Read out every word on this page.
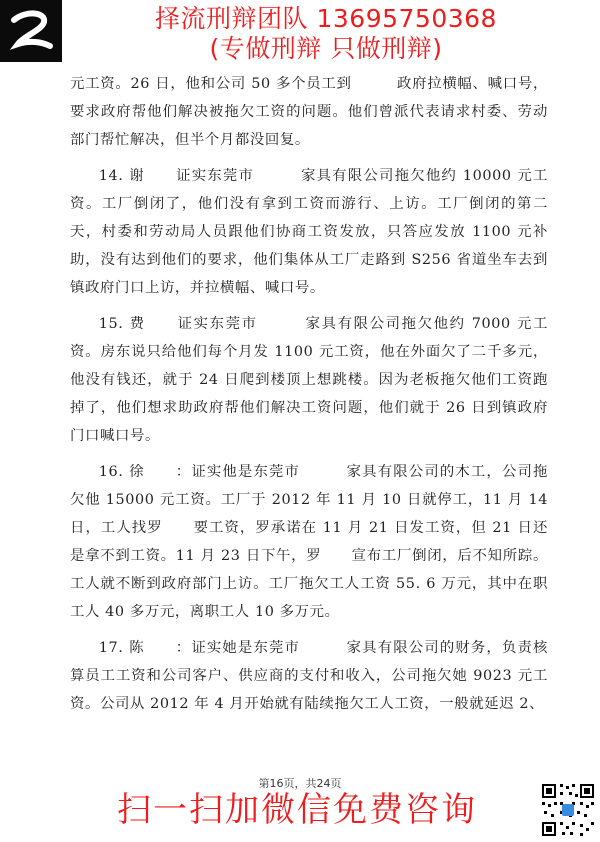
择流刑辩团队 13695750368
(专做刑辩 只做刑辩)

元工资。26 日，他和公司 50 多个员工到　　　政府拉横幅、喊口号，要求政府帮他们解决被拖欠工资的问题。他们曾派代表请求村委、劳动部门帮忙解决，但半个月都没回复。

14. 谢　　证实东莞市　　　家具有限公司拖欠他约 10000 元工资。工厂倒闭了，他们没有拿到工资而游行、上访。工厂倒闭的第二天，村委和劳动局人员跟他们协商工资发放，只答应发放 1100 元补助，没有达到他们的要求，他们集体从工厂走路到 S256 省道坐车去到镇政府门口上访，并拉横幅、喊口号。

15. 费　　证实东莞市　　　家具有限公司拖欠他约 7000 元工资。房东说只给他们每个月发 1100 元工资，他在外面欠了二千多元，他没有钱还，就于 24 日爬到楼顶上想跳楼。因为老板拖欠他们工资跑掉了，他们想求助政府帮他们解决工资问题，他们就于 26 日到镇政府门口喊口号。

16. 徐　　：证实他是东莞市　　　家具有限公司的木工，公司拖欠他 15000 元工资。工厂于 2012 年 11 月 10 日就停工，11 月 14 日，工人找罗　　要工资，罗承诺在 11 月 21 日发工资，但 21 日还是拿不到工资。11 月 23 日下午，罗　　宣布工厂倒闭，后不知所踪。工人就不断到政府部门上访。工厂拖欠工人工资 55. 6 万元，其中在职工人 40 多万元，离职工人 10 多万元。

17. 陈　　：证实她是东莞市　　　家具有限公司的财务，负责核算员工工资和公司客户、供应商的支付和收入，公司拖欠她 9023 元工资。公司从 2012 年 4 月开始就有陆续拖欠工人工资，一般就延迟 2、

第16页，共24页
扫一扫加微信免费咨询
